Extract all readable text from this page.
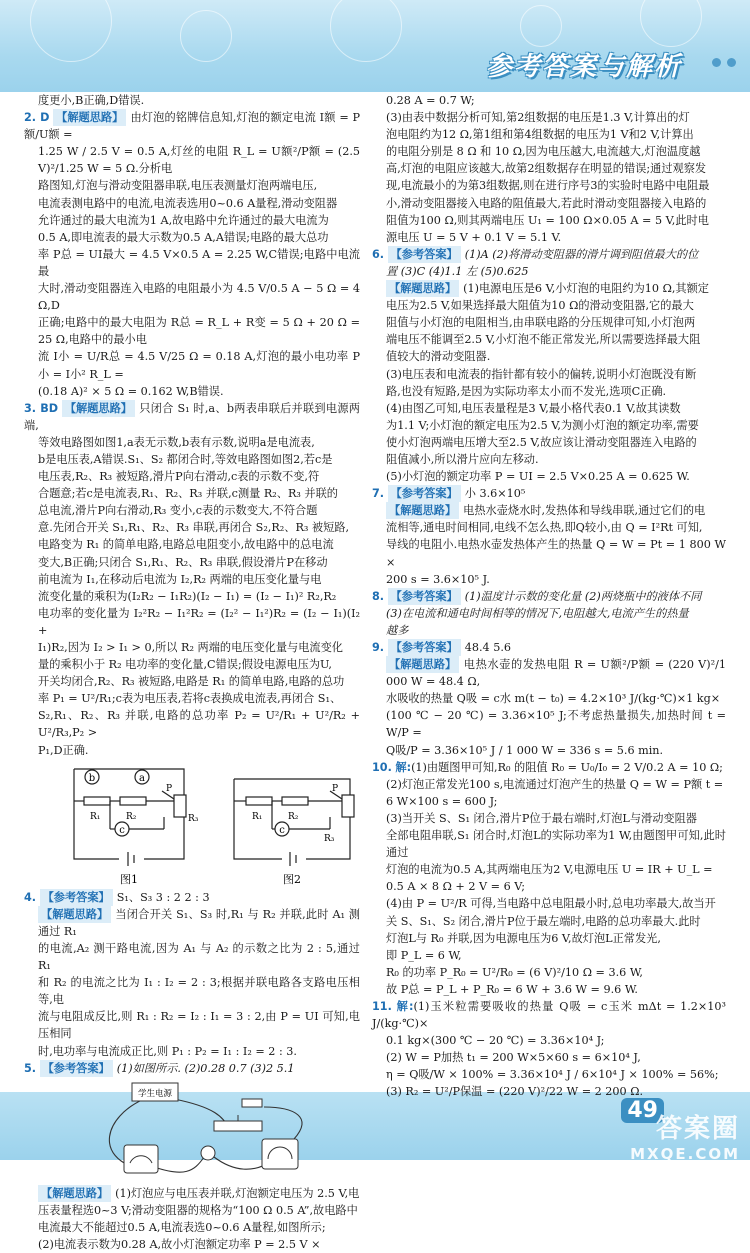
参考答案与解析
49
答案圈
MXQE.COM

度更小,B正确,D错误.

2. D 【解题思路】 由灯泡的铭牌信息知,灯泡的额定电流 I额 = P额/U额 =

1.25 W / 2.5 V = 0.5 A,灯丝的电阻 R_L = U额²/P额 = (2.5 V)²/1.25 W = 5 Ω.分析电

路图知,灯泡与滑动变阻器串联,电压表测量灯泡两端电压,

电流表测电路中的电流,电流表选用0~0.6 A量程,滑动变阻器

允许通过的最大电流为1 A,故电路中允许通过的最大电流为

0.5 A,即电流表的最大示数为0.5 A,A错误;电路的最大总功

率 P总 = UI最大 = 4.5 V×0.5 A = 2.25 W,C错误;电路中电流最

大时,滑动变阻器连入电路的电阻最小为 4.5 V/0.5 A − 5 Ω = 4 Ω,D

正确;电路中的最大电阻为 R总 = R_L + R变 = 5 Ω + 20 Ω = 25 Ω,电路中的最小电

流 I小 = U/R总 = 4.5 V/25 Ω = 0.18 A,灯泡的最小电功率 P小 = I小² R_L =

(0.18 A)² × 5 Ω = 0.162 W,B错误.

3. BD 【解题思路】 只闭合 S₁ 时,a、b两表串联后并联到电源两端,

等效电路图如图1,a表无示数,b表有示数,说明a是电流表,

b是电压表,A错误.S₁、S₂ 都闭合时,等效电路图如图2,若c是

电压表,R₂、R₃ 被短路,滑片P向右滑动,c表的示数不变,符

合题意;若c是电流表,R₁、R₂、R₃ 并联,c测量 R₂、R₃ 并联的

总电流,滑片P向右滑动,R₃ 变小,c表的示数变大,不符合题

意.先闭合开关 S₁,R₁、R₂、R₃ 串联,再闭合 S₂,R₂、R₃ 被短路,

电路变为 R₁ 的简单电路,电路总电阻变小,故电路中的总电流

变大,B正确;只闭合 S₁,R₁、R₂、R₃ 串联,假设滑片P在移动

前电流为 I₁,在移动后电流为 I₂,R₂ 两端的电压变化量与电

流变化量的乘积为(I₂R₂ − I₁R₂)(I₂ − I₁) = (I₂ − I₁)² R₂,R₂

电功率的变化量为 I₂²R₂ − I₁²R₂ = (I₂² − I₁²)R₂ = (I₂ − I₁)(I₂ +

I₁)R₂,因为 I₂ > I₁ > 0,所以 R₂ 两端的电压变化量与电流变化

量的乘积小于 R₂ 电功率的变化量,C错误;假设电源电压为U,

开关均闭合,R₂、R₃ 被短路,电路是 R₁ 的简单电路,电路的总功

率 P₁ = U²/R₁;c表为电压表,若将c表换成电流表,再闭合 S₁、

S₂,R₁、R₂、R₃ 并联,电路的总功率 P₂ = U²/R₁ + U²/R₂ + U²/R₃,P₂ >

P₁,D正确.

b	a
c
P
R₁	R₂	R₃
图1
c
P
R₁	R₂
R₃
图2

4. 【参考答案】 S₁、S₃ 3 : 2 2 : 3

【解题思路】 当闭合开关 S₁、S₃ 时,R₁ 与 R₂ 并联,此时 A₁ 测通过 R₁

的电流,A₂ 测干路电流,因为 A₁ 与 A₂ 的示数之比为 2 : 5,通过 R₁

和 R₂ 的电流之比为 I₁ : I₂ = 2 : 3;根据并联电路各支路电压相等,电

流与电阻成反比,则 R₁ : R₂ = I₂ : I₁ = 3 : 2,由 P = UI 可知,电压相同

时,电功率与电流成正比,则 P₁ : P₂ = I₁ : I₂ = 2 : 3.

5. 【参考答案】 (1)如图所示. (2)0.28 0.7 (3)2 5.1

学生电源

【解题思路】 (1)灯泡应与电压表并联,灯泡额定电压为 2.5 V,电

压表量程选0~3 V;滑动变阻器的规格为“100 Ω 0.5 A”,故电路中

电流最大不能超过0.5 A,电流表选0~0.6 A量程,如图所示;

(2)电流表示数为0.28 A,故小灯泡额定功率 P = 2.5 V ×

0.28 A = 0.7 W;

(3)由表中数据分析可知,第2组数据的电压是1.3 V,计算出的灯

泡电阻约为12 Ω,第1组和第4组数据的电压为1 V和2 V,计算出

的电阻分别是 8 Ω 和 10 Ω,因为电压越大,电流越大,灯泡温度越

高,灯泡的电阻应该越大,故第2组数据存在明显的错误;通过观察发

现,电流最小的为第3组数据,则在进行序号3的实验时电路中电阻最

小,滑动变阻器接入电路的阻值最大,若此时滑动变阻器接入电路的

阻值为100 Ω,则其两端电压 U₁ = 100 Ω×0.05 A = 5 V,此时电

源电压 U = 5 V + 0.1 V = 5.1 V.

6. 【参考答案】 (1)A (2)将滑动变阻器的滑片调到阻值最大的位

置 (3)C (4)1.1 左 (5)0.625

【解题思路】 (1)电源电压是6 V,小灯泡的电阻约为10 Ω,其额定

电压为2.5 V,如果选择最大阻值为10 Ω的滑动变阻器,它的最大

阻值与小灯泡的电阻相当,由串联电路的分压规律可知,小灯泡两

端电压不能调至2.5 V,小灯泡不能正常发光,所以需要选择最大阻

值较大的滑动变阻器.

(3)电压表和电流表的指针都有较小的偏转,说明小灯泡既没有断

路,也没有短路,是因为实际功率太小而不发光,选项C正确.

(4)由图乙可知,电压表量程是3 V,最小格代表0.1 V,故其读数

为1.1 V;小灯泡的额定电压为2.5 V,为测小灯泡的额定功率,需要

使小灯泡两端电压增大至2.5 V,故应该让滑动变阻器连入电路的

阻值减小,所以滑片应向左移动.

(5)小灯泡的额定功率 P = UI = 2.5 V×0.25 A = 0.625 W.

7. 【参考答案】 小 3.6×10⁵

【解题思路】 电热水壶烧水时,发热体和导线串联,通过它们的电

流相等,通电时间相同,电线不怎么热,即Q较小,由 Q = I²Rt 可知,

导线的电阻小.电热水壶发热体产生的热量 Q = W = Pt = 1 800 W ×

200 s = 3.6×10⁵ J.

8. 【参考答案】 (1)温度计示数的变化量 (2)两烧瓶中的液体不同

(3)在电流和通电时间相等的情况下,电阻越大,电流产生的热量

越多

9. 【参考答案】 48.4 5.6

【解题思路】 电热水壶的发热电阻 R = U额²/P额 = (220 V)²/1 000 W = 48.4 Ω,

水吸收的热量 Q吸 = c水 m(t − t₀) = 4.2×10³ J/(kg·℃)×1 kg×

(100 ℃ − 20 ℃) = 3.36×10⁵ J;不考虑热量损失,加热时间 t = W/P =

Q吸/P = 3.36×10⁵ J / 1 000 W = 336 s = 5.6 min.

10. 解:(1)由题图甲可知,R₀ 的阻值 R₀ = U₀/I₀ = 2 V/0.2 A = 10 Ω;

(2)灯泡正常发光100 s,电流通过灯泡产生的热量 Q = W = P额 t =

6 W×100 s = 600 J;

(3)当开关 S、S₁ 闭合,滑片P位于最右端时,灯泡L与滑动变阻器

全部电阻串联,S₁ 闭合时,灯泡L的实际功率为1 W,由题图甲可知,此时通过

灯泡的电流为0.5 A,其两端电压为2 V,电源电压 U = IR + U_L =

0.5 A × 8 Ω + 2 V = 6 V;

(4)由 P = U²/R 可得,当电路中总电阻最小时,总电功率最大,故当开

关 S、S₁、S₂ 闭合,滑片P位于最左端时,电路的总功率最大.此时

灯泡L与 R₀ 并联,因为电源电压为6 V,故灯泡L正常发光,

即 P_L = 6 W,

R₀ 的功率 P_R₀ = U²/R₀ = (6 V)²/10 Ω = 3.6 W,

故 P总 = P_L + P_R₀ = 6 W + 3.6 W = 9.6 W.

11. 解:(1)玉米粒需要吸收的热量 Q吸 = c玉米 mΔt = 1.2×10³ J/(kg·℃)×

0.1 kg×(300 ℃ − 20 ℃) = 3.36×10⁴ J;

(2) W = P加热 t₁ = 200 W×5×60 s = 6×10⁴ J,

η = Q吸/W × 100% = 3.36×10⁴ J / 6×10⁴ J × 100% = 56%;

(3) R₂ = U²/P保温 = (220 V)²/22 W = 2 200 Ω.
